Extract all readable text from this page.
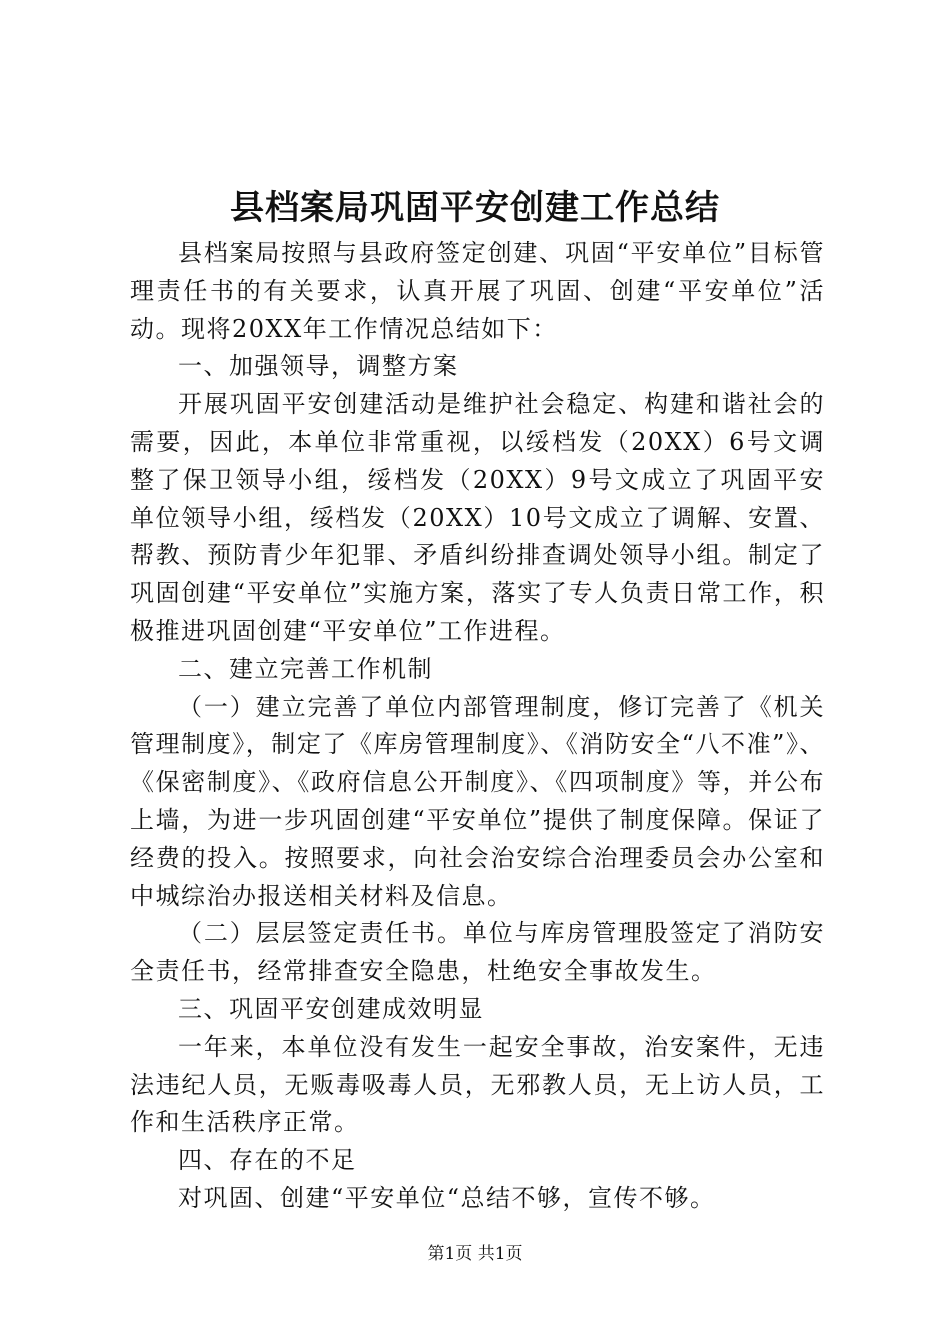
县档案局巩固平安创建工作总结

县档案局按照与县政府签定创建、巩固“平安单位”目标管理责任书的有关要求，认真开展了巩固、创建“平安单位”活动。现将20XX年工作情况总结如下：

一、加强领导，调整方案

开展巩固平安创建活动是维护社会稳定、构建和谐社会的需要，因此，本单位非常重视，以绥档发（20XX）6号文调整了保卫领导小组，绥档发（20XX）9号文成立了巩固平安单位领导小组，绥档发（20XX）10号文成立了调解、安置、帮教、预防青少年犯罪、矛盾纠纷排查调处领导小组。制定了巩固创建“平安单位”实施方案，落实了专人负责日常工作，积极推进巩固创建“平安单位”工作进程。

二、建立完善工作机制

（一）建立完善了单位内部管理制度，修订完善了《机关管理制度》，制定了《库房管理制度》、《消防安全“八不准”》、《保密制度》、《政府信息公开制度》、《四项制度》等，并公布上墙，为进一步巩固创建“平安单位”提供了制度保障。保证了经费的投入。按照要求，向社会治安综合治理委员会办公室和中城综治办报送相关材料及信息。

（二）层层签定责任书。单位与库房管理股签定了消防安全责任书，经常排查安全隐患，杜绝安全事故发生。

三、巩固平安创建成效明显

一年来，本单位没有发生一起安全事故，治安案件，无违法违纪人员，无贩毒吸毒人员，无邪教人员，无上访人员，工作和生活秩序正常。

四、存在的不足

对巩固、创建“平安单位“总结不够，宣传不够。

第1页 共1页
